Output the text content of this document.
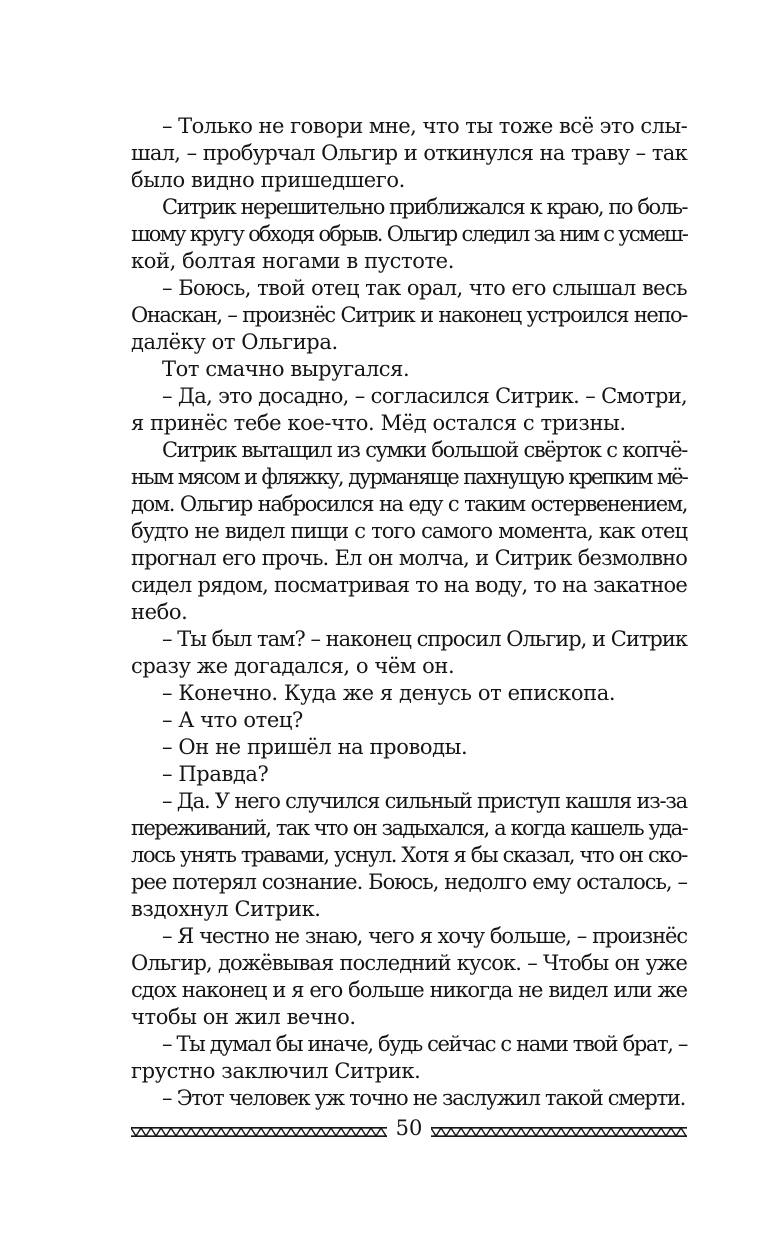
– Только не говори мне, что ты тоже всё это слы-
шал, – пробурчал Ольгир и откинулся на траву – так
было видно пришедшего.
Ситрик нерешительно приближался к краю, по боль-
шому кругу обходя обрыв. Ольгир следил за ним с усмеш-
кой, болтая ногами в пустоте.
– Боюсь, твой отец так орал, что его слышал весь
Онаскан, – произнёс Ситрик и наконец устроился непо-
далёку от Ольгира.
Тот смачно выругался.
– Да, это досадно, – согласился Ситрик. – Смотри,
я принёс тебе кое-что. Мёд остался с тризны.
Ситрик вытащил из сумки большой свёрток с копчё-
ным мясом и фляжку, дурманяще пахнущую крепким мё-
дом. Ольгир набросился на еду с таким остервенением,
будто не видел пищи с того самого момента, как отец
прогнал его прочь. Ел он молча, и Ситрик безмолвно
сидел рядом, посматривая то на воду, то на закатное
небо.
– Ты был там? – наконец спросил Ольгир, и Ситрик
сразу же догадался, о чём он.
– Конечно. Куда же я денусь от епископа.
– А что отец?
– Он не пришёл на проводы.
– Правда?
– Да. У него случился сильный приступ кашля из-за
переживаний, так что он задыхался, а когда кашель уда-
лось унять травами, уснул. Хотя я бы сказал, что он ско-
рее потерял сознание. Боюсь, недолго ему осталось, –
вздохнул Ситрик.
– Я честно не знаю, чего я хочу больше, – произнёс
Ольгир, дожёвывая последний кусок. – Чтобы он уже
сдох наконец и я его больше никогда не видел или же
чтобы он жил вечно.
– Ты думал бы иначе, будь сейчас с нами твой брат, –
грустно заключил Ситрик.
– Этот человек уж точно не заслужил такой смерти.
50
